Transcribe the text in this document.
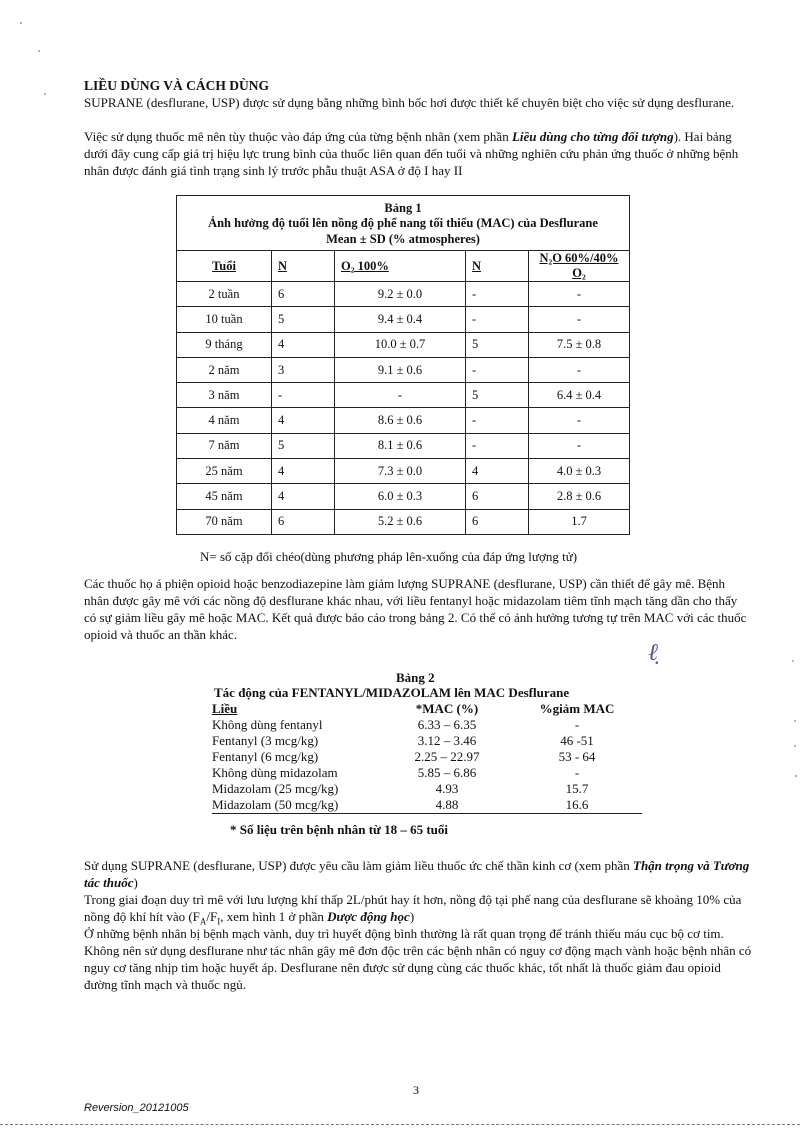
LIỀU DÙNG VÀ CÁCH DÙNG

SUPRANE (desflurane, USP) được sử dụng bằng những bình bốc hơi được thiết kế chuyên biệt cho việc sử dụng desflurane.

Việc sử dụng thuốc mê nên tùy thuộc vào đáp ứng của từng bệnh nhân (xem phần Liều dùng cho từng đối tượng). Hai bảng dưới đây cung cấp giá trị hiệu lực trung bình của thuốc liên quan đến tuổi và những nghiên cứu phản ứng thuốc ở những bệnh nhân được đánh giá tình trạng sinh lý trước phẫu thuật ASA ở độ I hay II

Bảng 1
Ảnh hưởng độ tuổi lên nồng độ phế nang tối thiểu (MAC) của Desflurane
Mean ± SD (% atmospheres)				

Tuổi	N	O₂ 100%	N	N₂O 60%/40% O₂
2 tuần	6	9.2 ± 0.0	-	-
10 tuần	5	9.4 ± 0.4	-	-
9 tháng	4	10.0 ± 0.7	5	7.5 ± 0.8
2 năm	3	9.1 ± 0.6	-	-
3 năm	-	-	5	6.4 ± 0.4
4 năm	4	8.6 ± 0.6	-	-
7 năm	5	8.1 ± 0.6	-	-
25 năm	4	7.3 ± 0.0	4	4.0 ± 0.3
45 năm	4	6.0 ± 0.3	6	2.8 ± 0.6
70 năm	6	5.2 ± 0.6	6	1.7
N= số cặp đối chéo(dùng phương pháp lên-xuống của đáp ứng lượng tử)

Các thuốc họ á phiện opioid hoặc benzodiazepine làm giảm lượng SUPRANE (desflurane, USP) cần thiết để gây mê. Bệnh nhân được gây mê với các nồng độ desflurane khác nhau, với liều fentanyl hoặc midazolam tiêm tĩnh mạch tăng dần cho thấy có sự giảm liều gây mê hoặc MAC. Kết quả được báo cáo trong bảng 2. Có thể có ảnh hưởng tương tự trên MAC với các thuốc opioid và thuốc an thần khác.

ℓ̣
Bảng 2
Tác động của FENTANYL/MIDAZOLAM lên MAC Desflurane
Liều	*MAC (%)	%giảm MAC
Không dùng fentanyl	6.33 – 6.35	-
Fentanyl (3 mcg/kg)	3.12 – 3.46	46 -51
Fentanyl (6 mcg/kg)	2.25 – 22.97	53 - 64
Không dùng midazolam	5.85 – 6.86	-
Midazolam (25 mcg/kg)	4.93	15.7
Midazolam (50 mcg/kg)	4.88	16.6
* Số liệu trên bệnh nhân từ 18 – 65 tuổi

Sử dụng SUPRANE (desflurane, USP) được yêu cầu làm giảm liều thuốc ức chế thần kinh cơ (xem phần Thận trọng và Tương tác thuốc)

Trong giai đoạn duy trì mê với lưu lượng khí thấp 2L/phút hay ít hơn, nồng độ tại phế nang của desflurane sẽ khoảng 10% của nồng độ khí hít vào ($F_A/F_I$, xem hình 1 ở phần Dược động học)

Ở những bệnh nhân bị bệnh mạch vành, duy trì huyết động bình thường là rất quan trọng để tránh thiếu máu cục bộ cơ tim. Không nên sử dụng desflurane như tác nhân gây mê đơn độc trên các bệnh nhân có nguy cơ động mạch vành hoặc bệnh nhân có nguy cơ tăng nhịp tim hoặc huyết áp. Desflurane nên được sử dụng cùng các thuốc khác, tốt nhất là thuốc giảm đau opioid đường tĩnh mạch và thuốc ngủ.

3
Reversion_20121005
